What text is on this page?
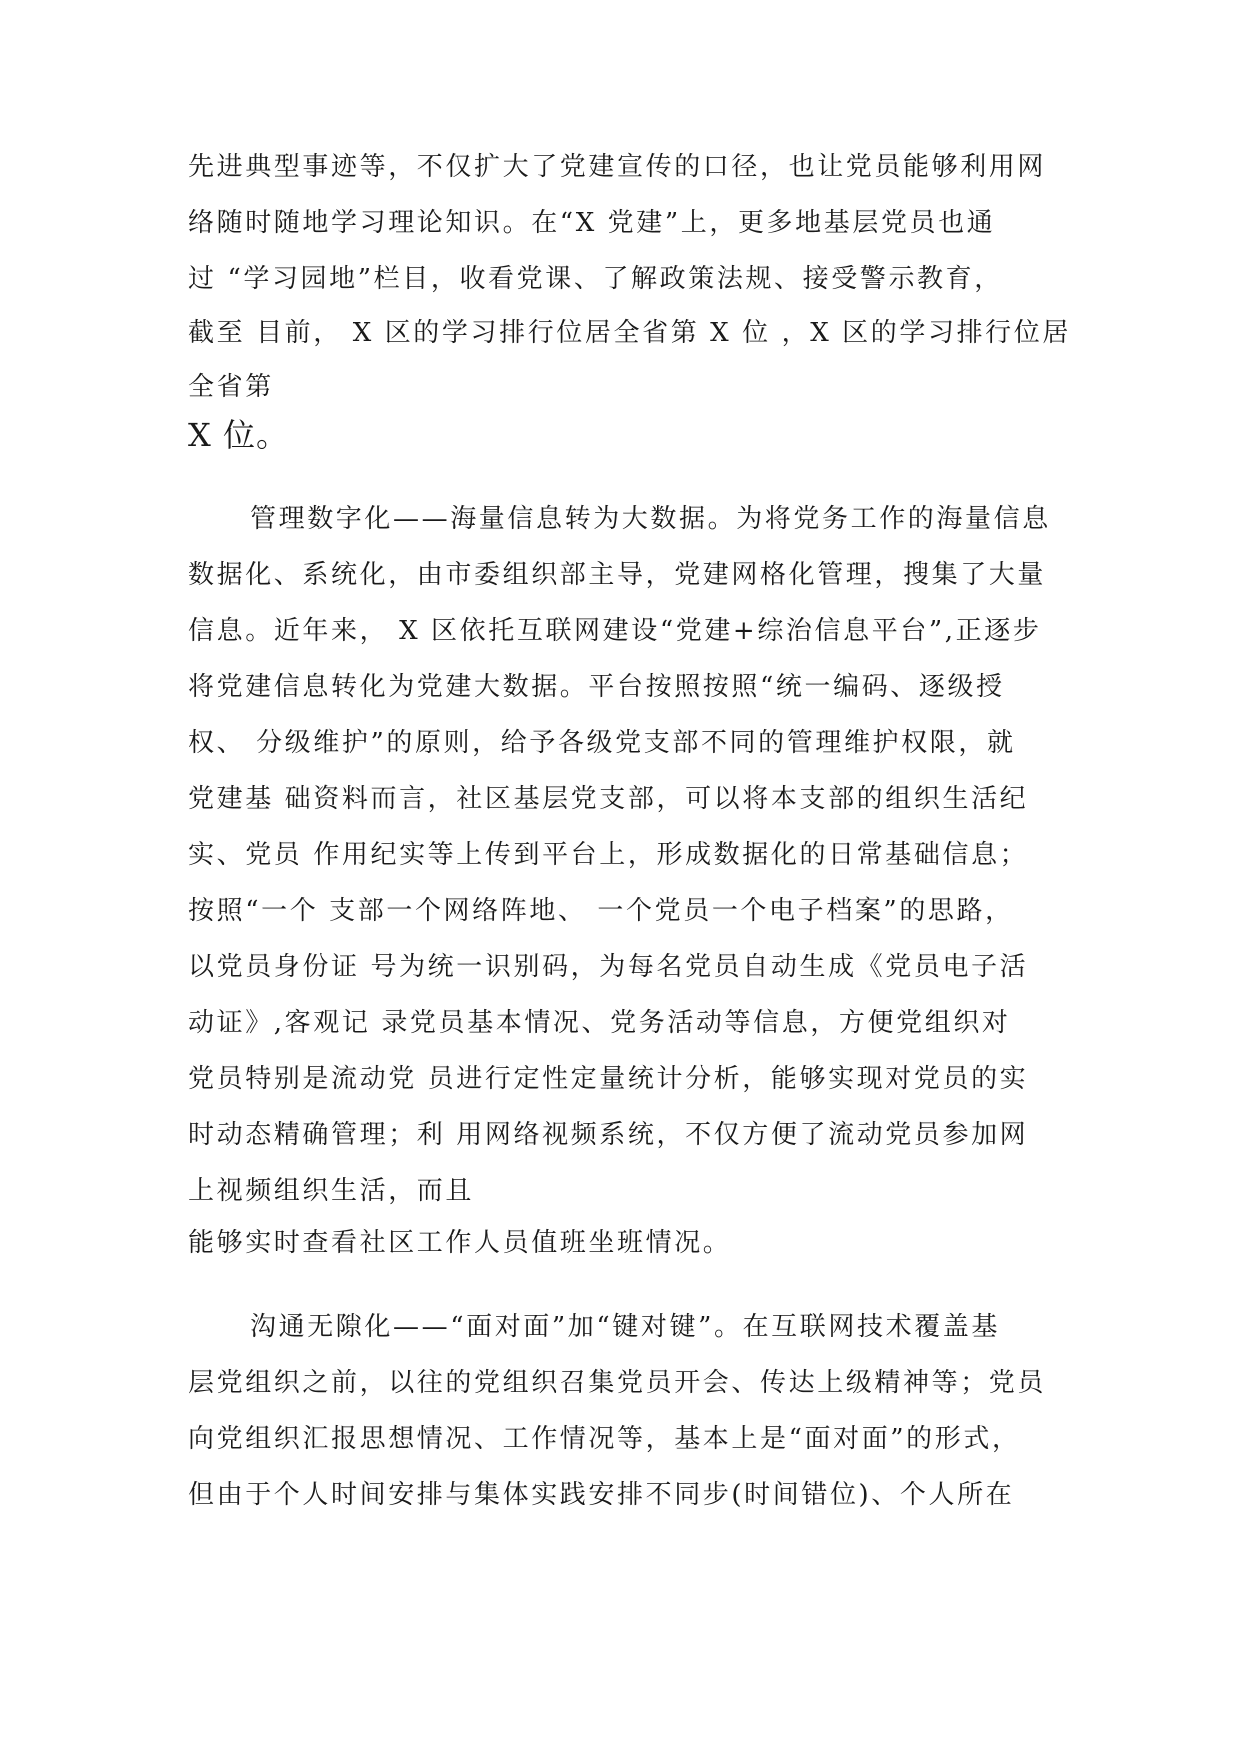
先进典型事迹等，不仅扩大了党建宣传的口径，也让党员能够利用网
络随时随地学习理论知识。在“X 党建”上，更多地基层党员也通
过 “学习园地”栏目，收看党课、了解政策法规、接受警示教育，
截至 目前， X 区的学习排行位居全省第 X 位 ，X 区的学习排行位居
全省第
X 位。
管理数字化——海量信息转为大数据。为将党务工作的海量信息
数据化、系统化，由市委组织部主导，党建网格化管理，搜集了大量
信息。近年来， X 区依托互联网建设“党建+综治信息平台”,正逐步
将党建信息转化为党建大数据。平台按照按照“统一编码、逐级授
权、 分级维护”的原则，给予各级党支部不同的管理维护权限，就
党建基 础资料而言，社区基层党支部，可以将本支部的组织生活纪
实、党员 作用纪实等上传到平台上，形成数据化的日常基础信息；
按照“一个 支部一个网络阵地、 一个党员一个电子档案”的思路，
以党员身份证 号为统一识别码，为每名党员自动生成《党员电子活
动证》,客观记 录党员基本情况、党务活动等信息，方便党组织对
党员特别是流动党 员进行定性定量统计分析，能够实现对党员的实
时动态精确管理；利 用网络视频系统，不仅方便了流动党员参加网
上视频组织生活，而且
能够实时查看社区工作人员值班坐班情况。
沟通无隙化——“面对面”加“键对键”。在互联网技术覆盖基
层党组织之前，以往的党组织召集党员开会、传达上级精神等；党员
向党组织汇报思想情况、工作情况等，基本上是“面对面”的形式，
但由于个人时间安排与集体实践安排不同步(时间错位)、个人所在
